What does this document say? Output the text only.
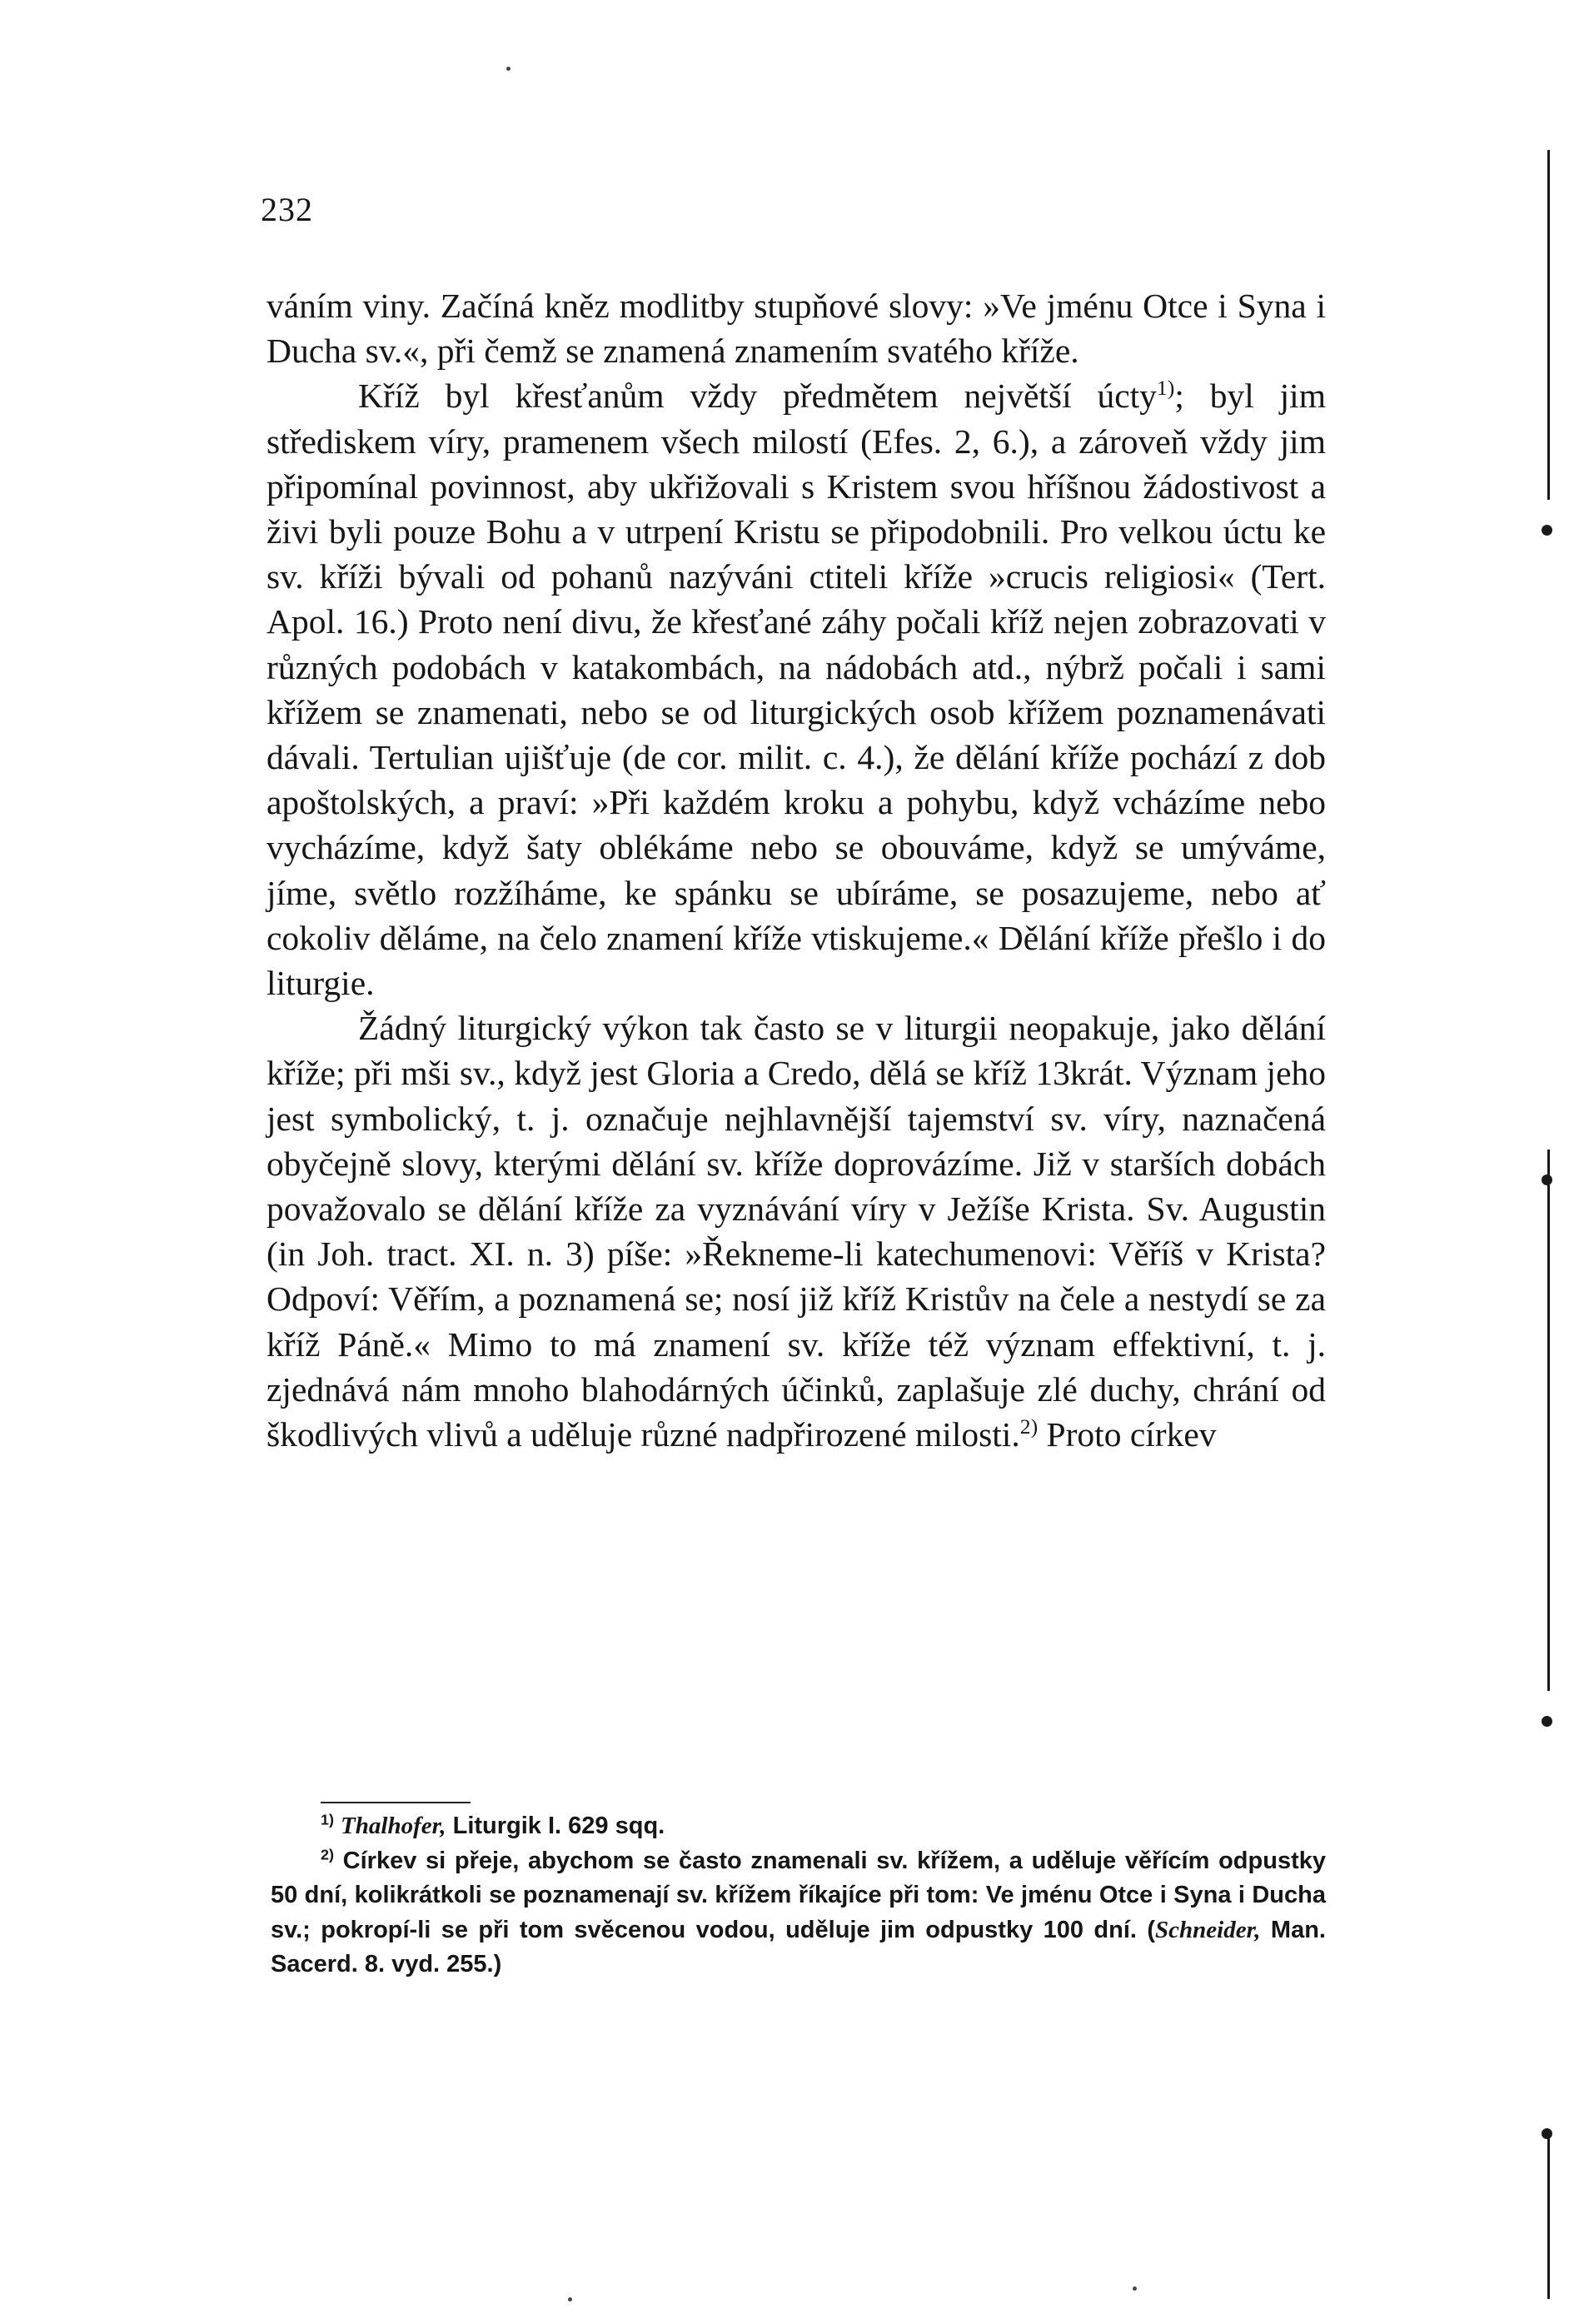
232

váním viny. Začíná kněz modlitby stupňové slovy: »Ve jménu Otce i Syna i Ducha sv.«, při čemž se znamená znamením svatého kříže.

Kříž byl křesťanům vždy předmětem největší úcty$^{1)}$; byl jim střediskem víry, pramenem všech milostí (Efes. 2, 6.), a zároveň vždy jim připomínal povinnost, aby ukřižovali s Kristem svou hříšnou žádostivost a živi byli pouze Bohu a v utrpení Kristu se připodobnili. Pro velkou úctu ke sv. kříži bývali od pohanů nazýváni ctiteli kříže »crucis religiosi« (Tert. Apol. 16.) Proto není divu, že křesťané záhy počali kříž nejen zobrazovati v různých podobách v katakombách, na nádobách atd., nýbrž počali i sami křížem se znamenati, nebo se od liturgických osob křížem poznamenávati dávali. Tertulian ujišťuje (de cor. milit. c. 4.), že dělání kříže pochází z dob apoštolských, a praví: »Při každém kroku a pohybu, když vcházíme nebo vycházíme, když šaty oblékáme nebo se obouváme, když se umýváme, jíme, světlo rozžíháme, ke spánku se ubíráme, se posazujeme, nebo ať cokoliv děláme, na čelo znamení kříže vtiskujeme.« Dělání kříže přešlo i do liturgie.

Žádný liturgický výkon tak často se v liturgii neopakuje, jako dělání kříže; při mši sv., když jest Gloria a Credo, dělá se kříž 13krát. Význam jeho jest symbolický, t. j. označuje nejhlavnější tajemství sv. víry, naznačená obyčejně slovy, kterými dělání sv. kříže doprovázíme. Již v starších dobách považovalo se dělání kříže za vyznávání víry v Ježíše Krista. Sv. Augustin (in Joh. tract. XI. n. 3) píše: »Řekneme-li katechumenovi: Věříš v Krista? Odpoví: Věřím, a poznamená se; nosí již kříž Kristův na čele a nestydí se za kříž Páně.« Mimo to má znamení sv. kříže též význam effektivní, t. j. zjednává nám mnoho blahodárných účinků, zaplašuje zlé duchy, chrání od škodlivých vlivů a uděluje různé nadpřirozené milosti.$^{2)}$ Proto církev

$^{1)}$ Thalhofer, Liturgik I. 629 sqq.

$^{2)}$ Církev si přeje, abychom se často znamenali sv. křížem, a uděluje věřícím odpustky 50 dní, kolikrátkoli se poznamenají sv. křížem říkajíce při tom: Ve jménu Otce i Syna i Ducha sv.; pokropí-li se při tom svěcenou vodou, uděluje jim odpustky 100 dní. (Schneider, Man. Sacerd. 8. vyd. 255.)
